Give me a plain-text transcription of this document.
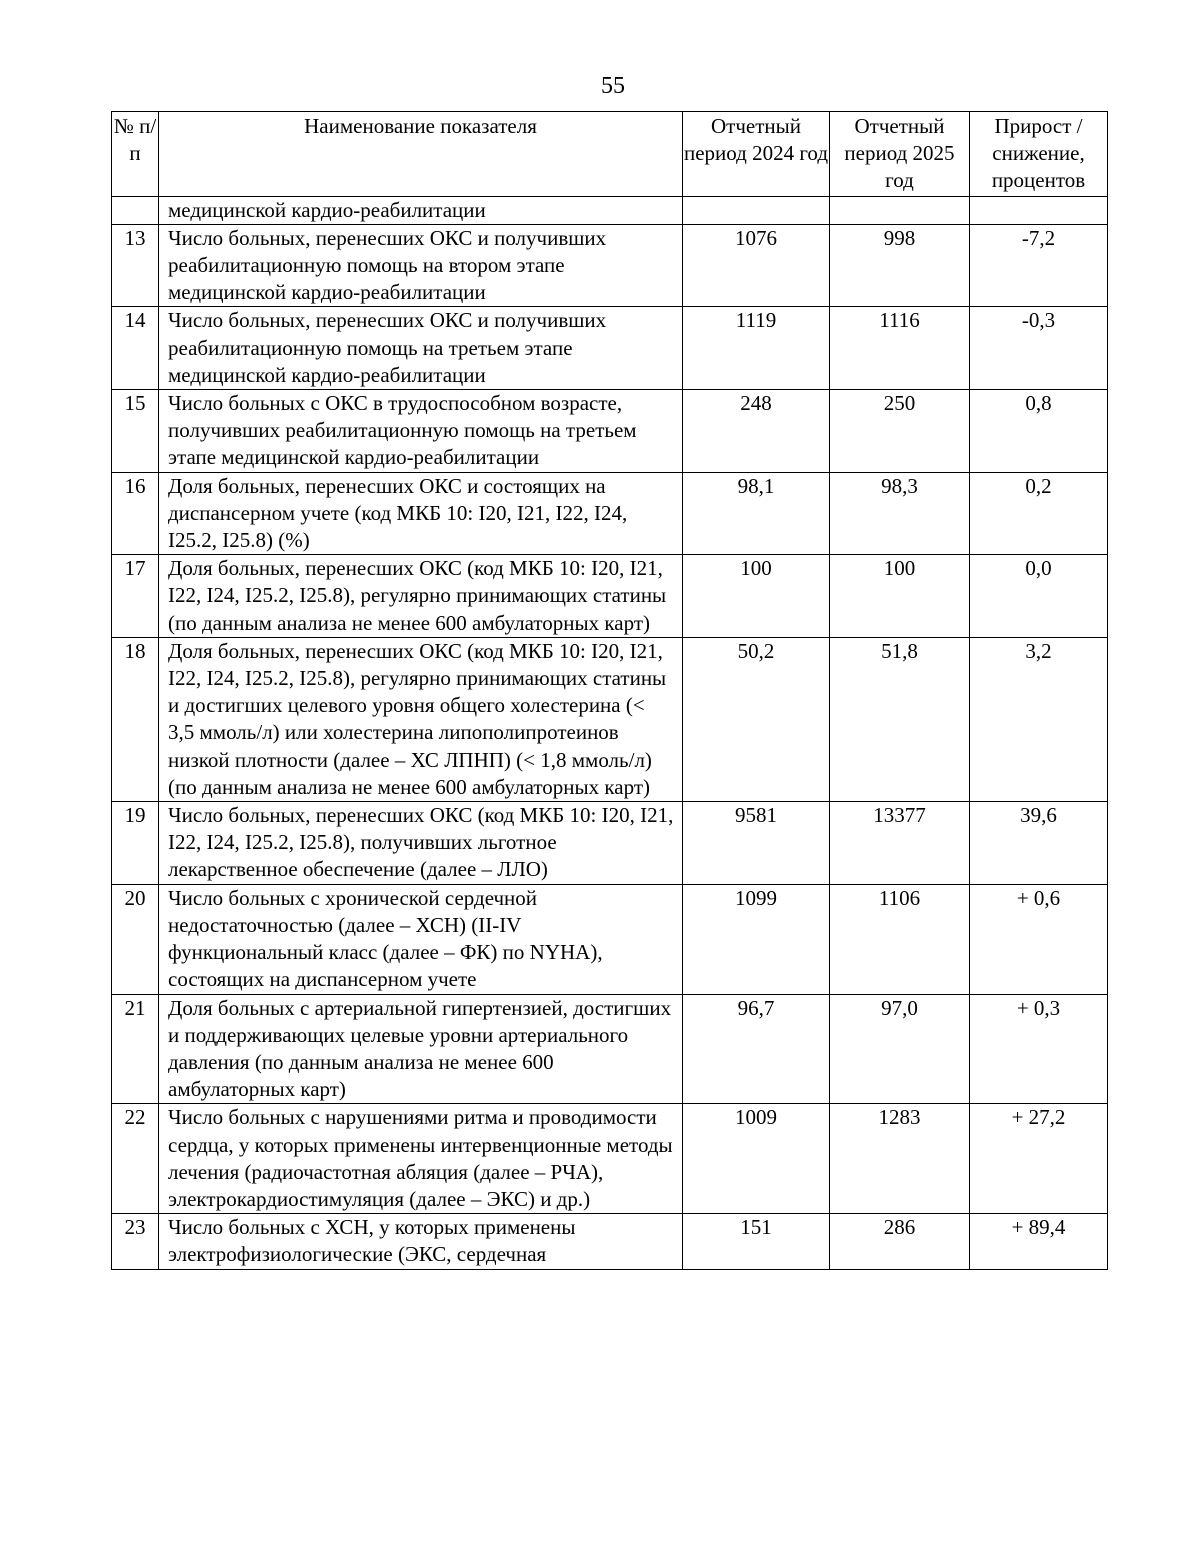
55
№ п/п	Наименование показателя	Отчетный период 2024 год	Отчетный период 2025 год	Прирост / снижение, процентов
	медицинской кардио-реабилитации			
13	Число больных, перенесших ОКС и получивших реабилитационную помощь на втором этапе медицинской кардио-реабилитации	1076	998	-7,2
14	Число больных, перенесших ОКС и получивших реабилитационную помощь на третьем этапе медицинской кардио-реабилитации	1119	1116	-0,3
15	Число больных с ОКС в трудоспособном возрасте, получивших реабилитационную помощь на третьем этапе медицинской кардио-реабилитации	248	250	0,8
16	Доля больных, перенесших ОКС и состоящих на диспансерном учете (код МКБ 10: I20, I21, I22, I24, I25.2, I25.8) (%)	98,1	98,3	0,2
17	Доля больных, перенесших ОКС (код МКБ 10: I20, I21, I22, I24, I25.2, I25.8), регулярно принимающих статины (по данным анализа не менее 600 амбулаторных карт)	100	100	0,0
18	Доля больных, перенесших ОКС (код МКБ 10: I20, I21, I22, I24, I25.2, I25.8), регулярно принимающих статины и достигших целевого уровня общего холестерина (< 3,5 ммоль/л) или холестерина липополипротеинов низкой плотности (далее – ХС ЛПНП) (< 1,8 ммоль/л) (по данным анализа не менее 600 амбулаторных карт)	50,2	51,8	3,2
19	Число больных, перенесших ОКС (код МКБ 10: I20, I21, I22, I24, I25.2, I25.8), получивших льготное лекарственное обеспечение (далее – ЛЛО)	9581	13377	39,6
20	Число больных с хронической сердечной недостаточностью (далее – ХСН) (II-IV функциональный класс (далее – ФК) по NYHA), состоящих на диспансерном учете	1099	1106	+ 0,6
21	Доля больных с артериальной гипертензией, достигших и поддерживающих целевые уровни артериального давления (по данным анализа не менее 600 амбулаторных карт)	96,7	97,0	+ 0,3
22	Число больных с нарушениями ритма и проводимости сердца, у которых применены интервенционные методы лечения (радиочастотная абляция (далее – РЧА), электрокардиостимуляция (далее – ЭКС) и др.)	1009	1283	+ 27,2
23	Число больных с ХСН, у которых применены электрофизиологические (ЭКС, сердечная	151	286	+ 89,4
